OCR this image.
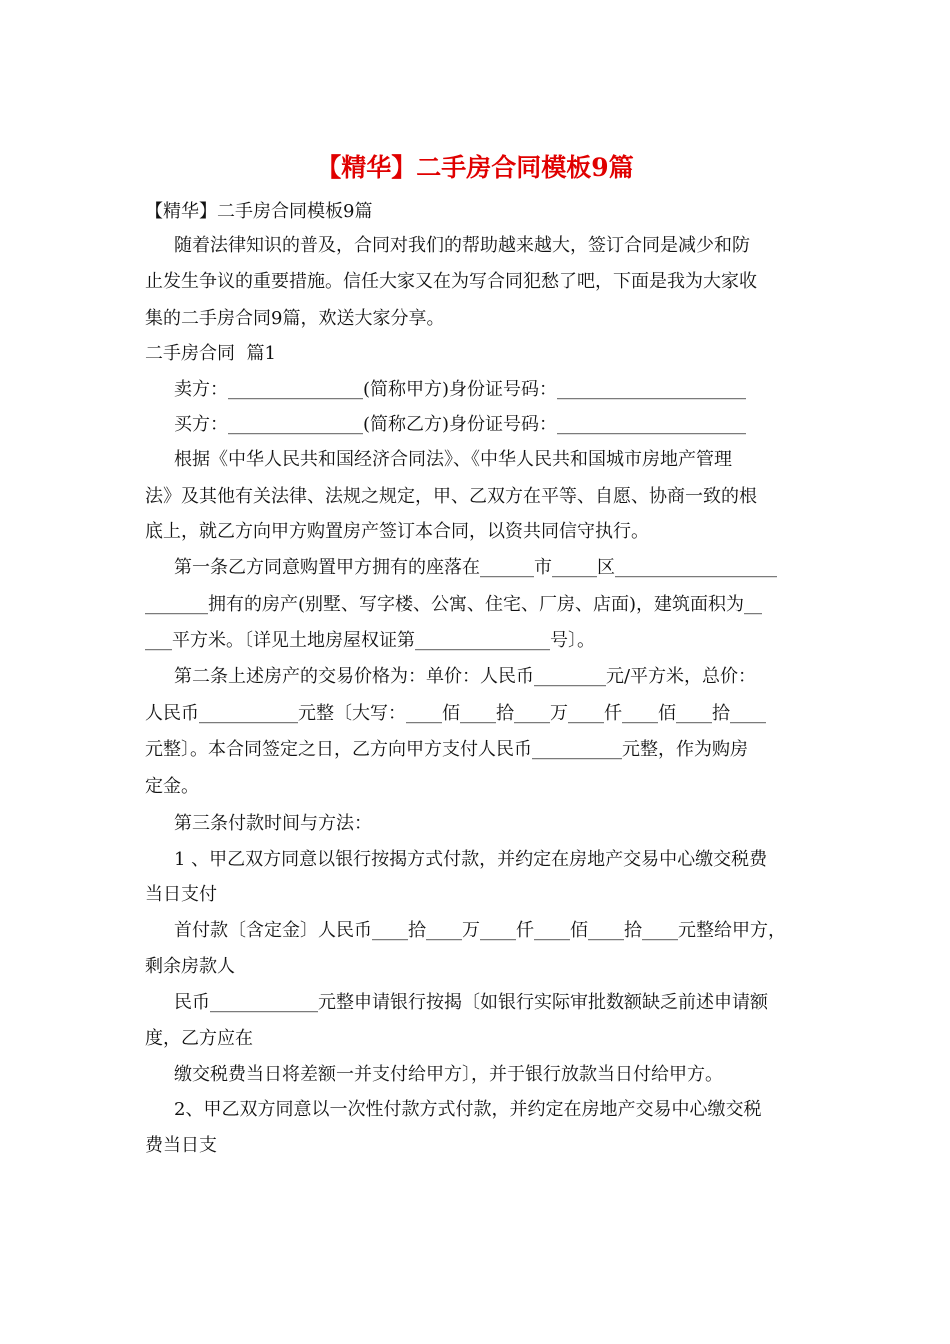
【精华】二手房合同模板9篇
【精华】二手房合同模板9篇
随着法律知识的普及，合同对我们的帮助越来越大，签订合同是减少和防
止发生争议的重要措施。信任大家又在为写合同犯愁了吧，下面是我为大家收
集的二手房合同9篇，欢送大家分享。
二手房合同  篇1
卖方：_______________(简称甲方)身份证号码：_____________________
买方：_______________(简称乙方)身份证号码：_____________________
根据《中华人民共和国经济合同法》、《中华人民共和国城市房地产管理
法》及其他有关法律、法规之规定，甲、乙双方在平等、自愿、协商一致的根
底上，就乙方向甲方购置房产签订本合同，以资共同信守执行。
第一条乙方同意购置甲方拥有的座落在______市_____区__________________
_______拥有的房产(别墅、写字楼、公寓、住宅、厂房、店面)，建筑面积为__
___平方米。〔详见土地房屋权证第_______________号〕。
第二条上述房产的交易价格为：单价：人民币________元/平方米，总价：
人民币___________元整〔大写：____佰____拾____万____仟____佰____拾____
元整〕。本合同签定之日，乙方向甲方支付人民币__________元整，作为购房
定金。
第三条付款时间与方法：
1 、甲乙双方同意以银行按揭方式付款，并约定在房地产交易中心缴交税费
当日支付
首付款〔含定金〕人民币____拾____万____仟____佰____拾____元整给甲方，
剩余房款人
民币____________元整申请银行按揭〔如银行实际审批数额缺乏前述申请额
度，乙方应在
缴交税费当日将差额一并支付给甲方〕，并于银行放款当日付给甲方。
2、甲乙双方同意以一次性付款方式付款，并约定在房地产交易中心缴交税
费当日支
